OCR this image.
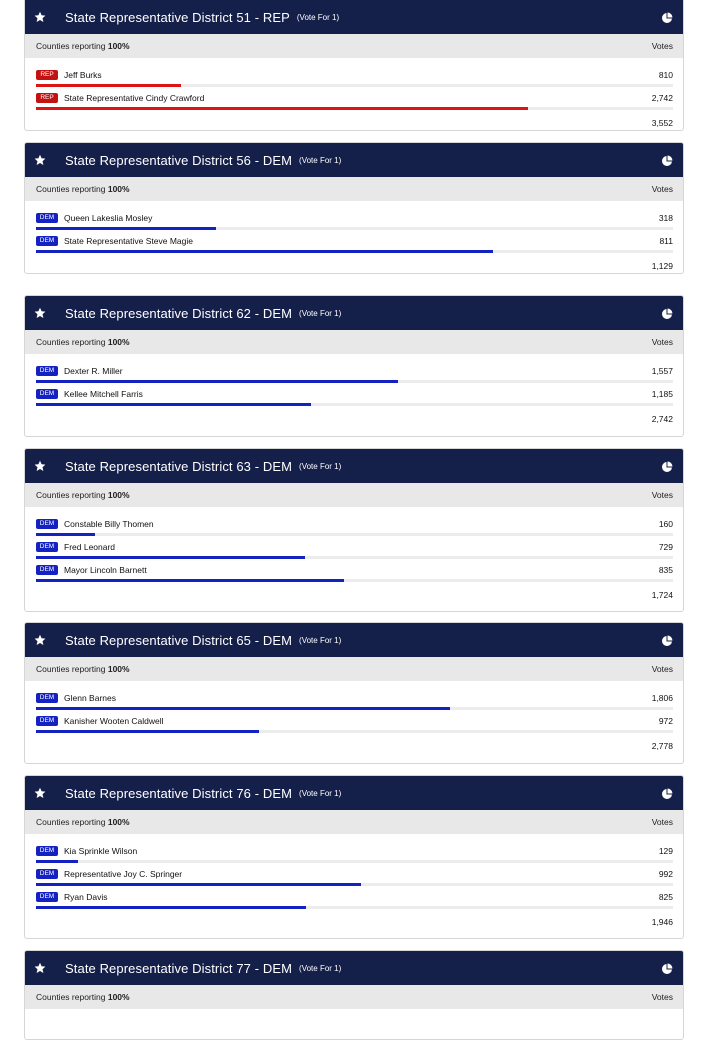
State Representative District 51 - REP (Vote For 1)
Counties reporting 100%	Votes
REP	Jeff Burks	810
REP	State Representative Cindy Crawford	2,742
3,552
State Representative District 56 - DEM (Vote For 1)
Counties reporting 100%	Votes
DEM	Queen Lakeslia Mosley	318
DEM	State Representative Steve Magie	811
1,129
State Representative District 62 - DEM (Vote For 1)
Counties reporting 100%	Votes
DEM	Dexter R. Miller	1,557
DEM	Kellee Mitchell Farris	1,185
2,742
State Representative District 63 - DEM (Vote For 1)
Counties reporting 100%	Votes
DEM	Constable Billy Thomen	160
DEM	Fred Leonard	729
DEM	Mayor Lincoln Barnett	835
1,724
State Representative District 65 - DEM (Vote For 1)
Counties reporting 100%	Votes
DEM	Glenn Barnes	1,806
DEM	Kanisher Wooten Caldwell	972
2,778
State Representative District 76 - DEM (Vote For 1)
Counties reporting 100%	Votes
DEM	Kia Sprinkle Wilson	129
DEM	Representative Joy C. Springer	992
DEM	Ryan Davis	825
1,946
State Representative District 77 - DEM (Vote For 1)
Counties reporting 100%	Votes
